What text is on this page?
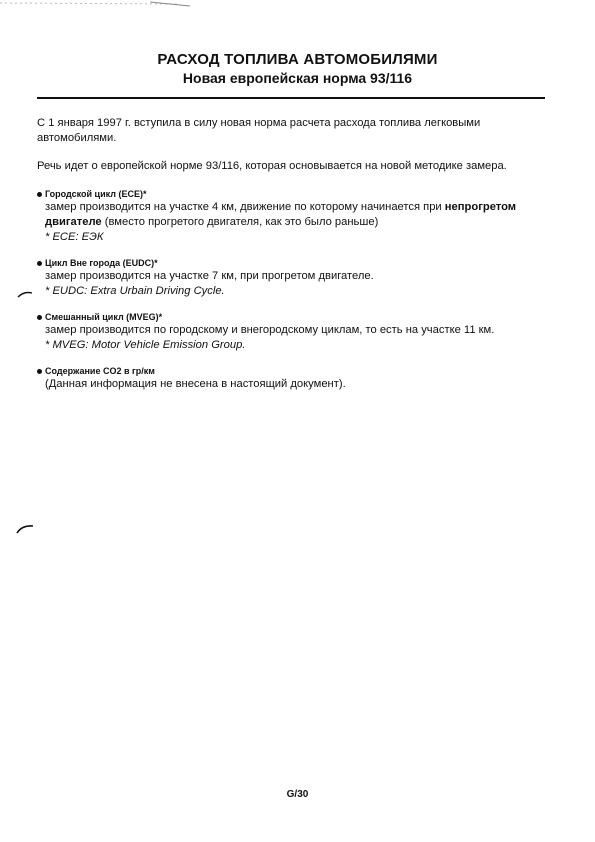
РАСХОД ТОПЛИВА АВТОМОБИЛЯМИ
Новая европейская норма 93/116

С 1 января 1997 г. вступила в силу новая норма расчета расхода топлива легковыми автомобилями.

Речь идет о европейской норме 93/116, которая основывается на новой методике замера.

Городской цикл (ECE)*
замер производится на участке 4 км, движение по которому начинается при непрогретом двигателе (вместо прогретого двигателя, как это было раньше)
* ECE: ЕЭК
Цикл Вне города (EUDC)*
замер производится на участке 7 км, при прогретом двигателе.
* EUDC: Extra Urbain Driving Cycle.
Смешанный цикл (MVEG)*
замер производится по городскому и внегородскому циклам, то есть на участке 11 км.
* MVEG: Motor Vehicle Emission Group.
Содержание CO2 в гр/км
(Данная информация не внесена в настоящий документ).
G/30
